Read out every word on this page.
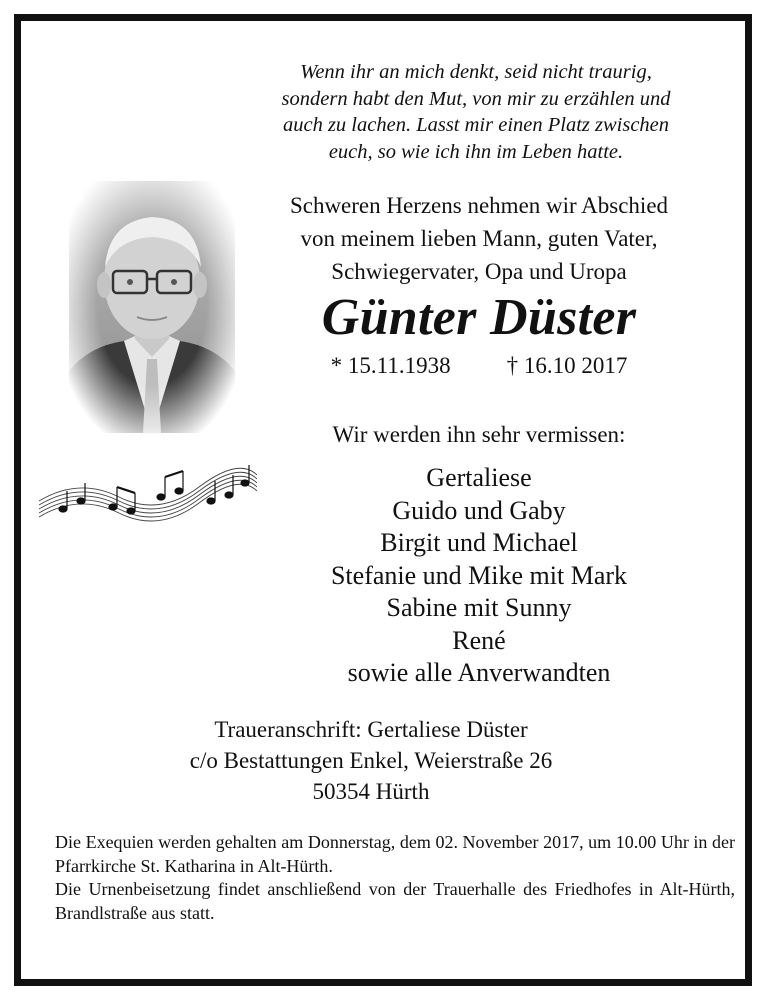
Wenn ihr an mich denkt, seid nicht traurig,
sondern habt den Mut, von mir zu erzählen und
auch zu lachen. Lasst mir einen Platz zwischen
euch, so wie ich ihn im Leben hatte.
Schweren Herzens nehmen wir Abschied
von meinem lieben Mann, guten Vater,
Schwiegervater, Opa und Uropa
Günter Düster
* 15.11.1938 † 16.10 2017
Wir werden ihn sehr vermissen:
Gertaliese
Guido und Gaby
Birgit und Michael
Stefanie und Mike mit Mark
Sabine mit Sunny
René
sowie alle Anverwandten
Traueranschrift: Gertaliese Düster
c/o Bestattungen Enkel, Weierstraße 26
50354 Hürth

Die Exequien werden gehalten am Donnerstag, dem 02. November 2017, um 10.00 Uhr in der Pfarrkirche St. Katharina in Alt-Hürth.

Die Urnenbeisetzung findet anschließend von der Trauerhalle des Friedhofes in Alt-Hürth, Brandlstraße aus statt.
